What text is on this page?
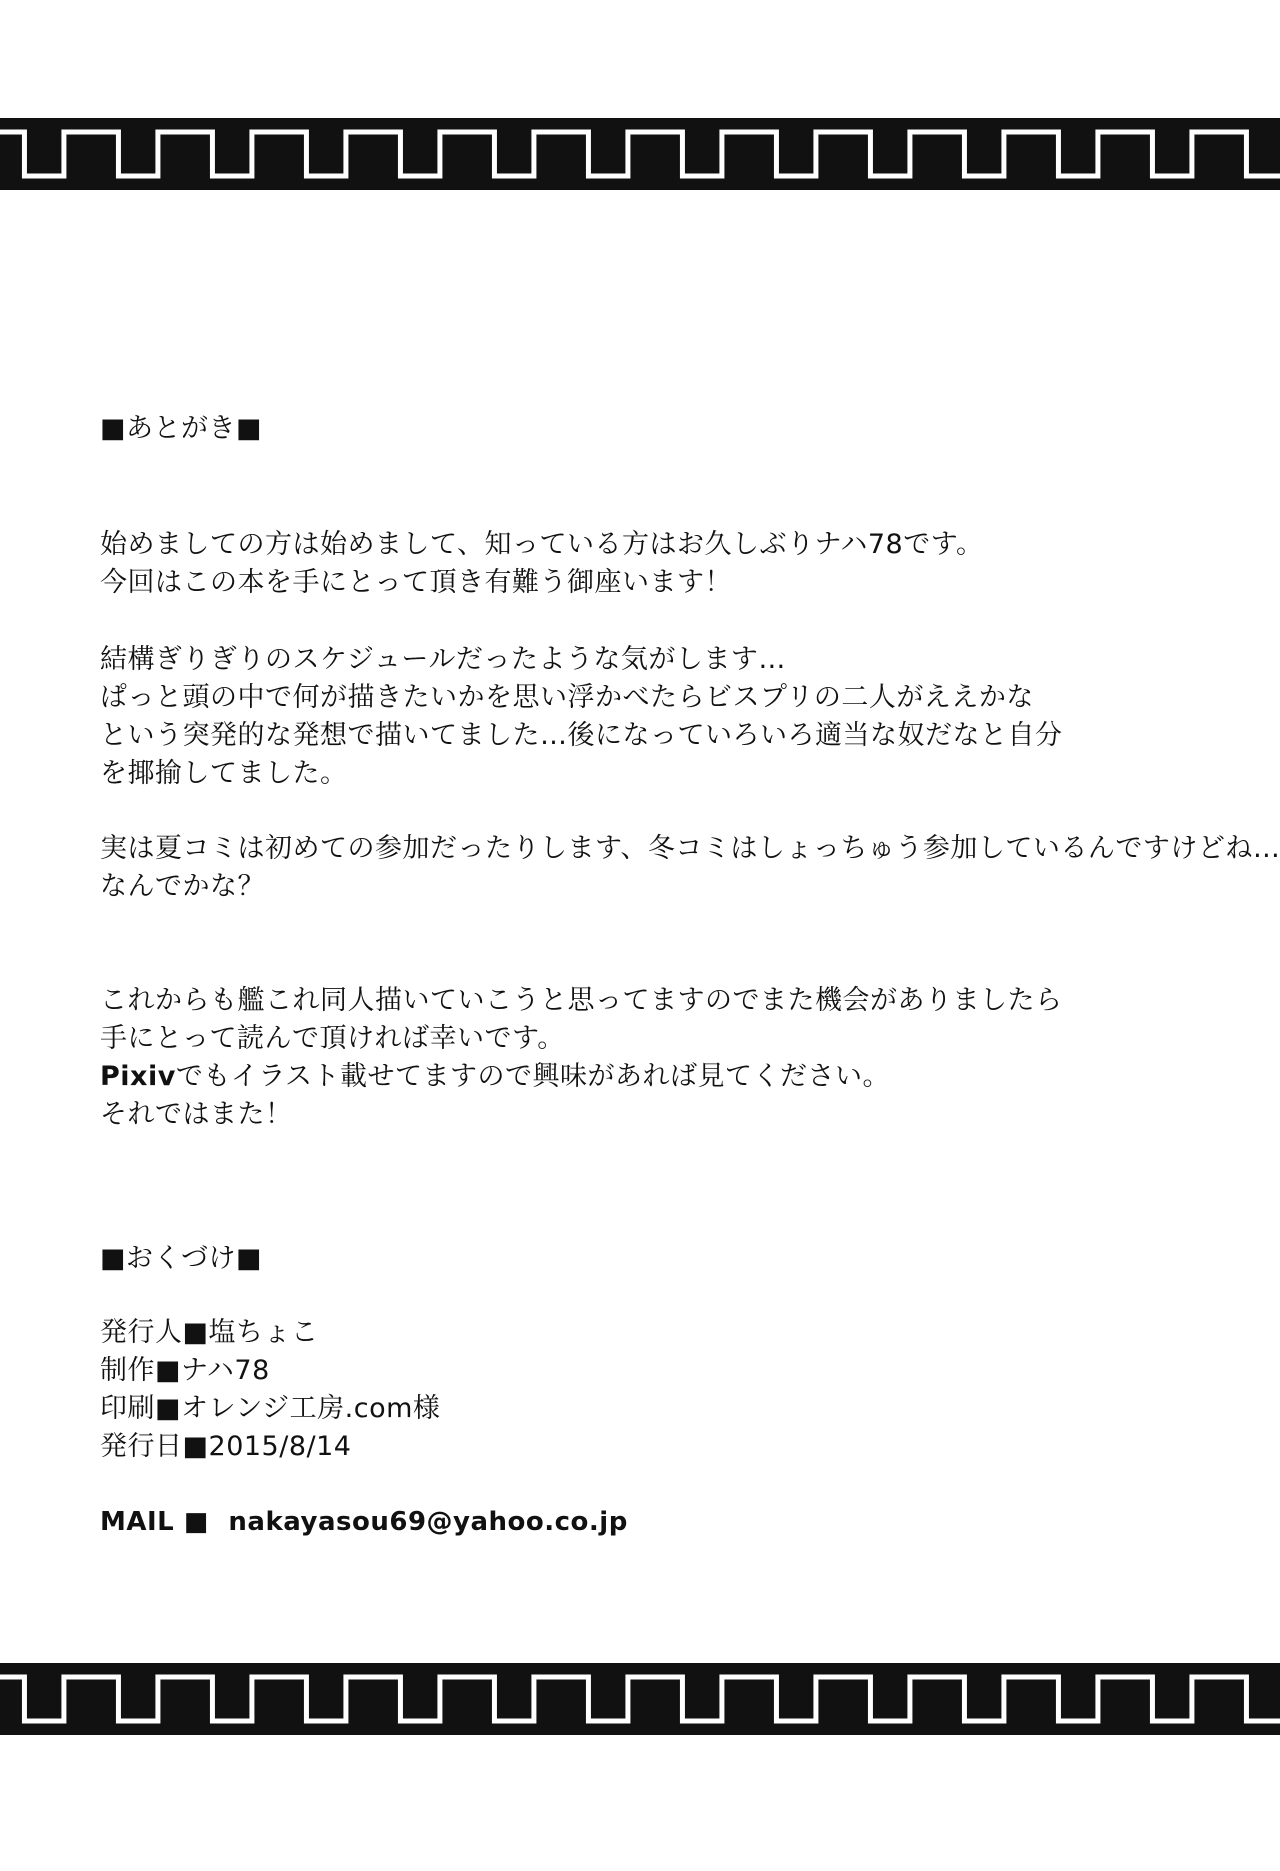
■あとがき■
始めましての方は始めまして、知っている方はお久しぶりナハ78です。
今回はこの本を手にとって頂き有難う御座います！
結構ぎりぎりのスケジュールだったような気がします…
ぱっと頭の中で何が描きたいかを思い浮かべたらビスプリの二人がええかな
という突発的な発想で描いてました…後になっていろいろ適当な奴だなと自分
を揶揄してました。
実は夏コミは初めての参加だったりします、冬コミはしょっちゅう参加しているんですけどね…
なんでかな？
これからも艦これ同人描いていこうと思ってますのでまた機会がありましたら
手にとって読んで頂ければ幸いです。
Pixivでもイラスト載せてますので興味があれば見てください。
それではまた！
■おくづけ■
発行人■塩ちょこ
制作■ナハ78
印刷■オレンジ工房.com様
発行日■2015/8/14
MAIL ■ nakayasou69@yahoo.co.jp
